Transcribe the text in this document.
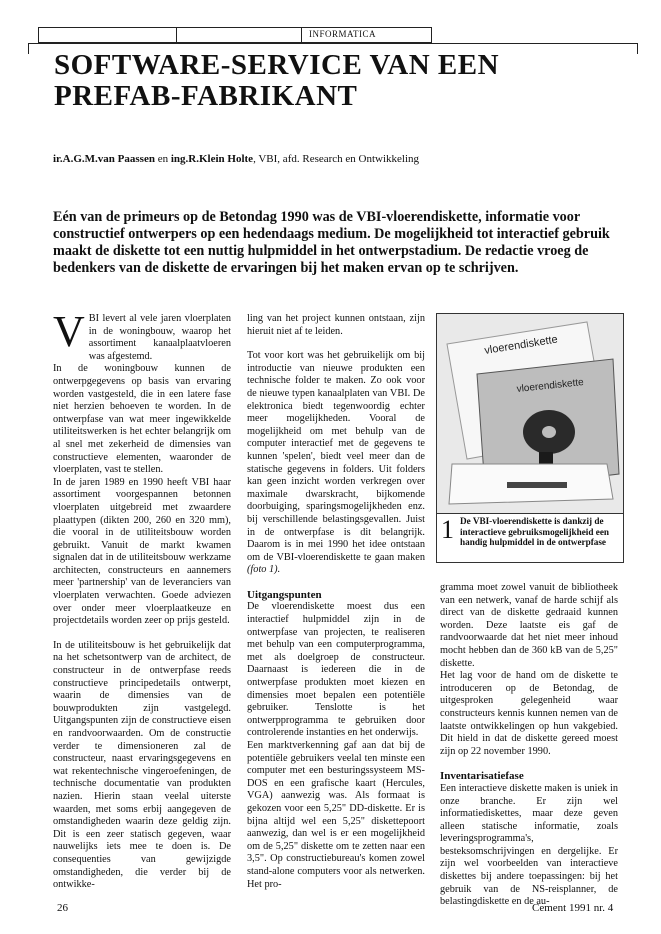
INFORMATICA
SOFTWARE-SERVICE VAN EEN PREFAB-FABRIKANT
ir.A.G.M.van Paassen en ing.R.Klein Holte, VBI, afd. Research en Ontwikkeling

Eén van de primeurs op de Betondag 1990 was de VBI-vloerendiskette, informatie voor constructief ontwerpers op een hedendaags medium. De mogelijkheid tot interactief gebruik maakt de diskette tot een nuttig hulpmiddel in het ontwerpstadium. De redactie vroeg de bedenkers van de diskette de ervaringen bij het maken ervan op te schrijven.

VBI levert al vele jaren vloerplaten in de woningbouw, waarop het assortiment kanaalplaatvloeren was afgestemd.

In de woningbouw kunnen de ontwerpgegevens op basis van ervaring worden vastgesteld, die in een latere fase niet herzien behoeven te worden. In de ontwerpfase van wat meer ingewikkelde utiliteitswerken is het echter belangrijk om al snel met zekerheid de dimensies van constructieve elementen, waaronder de vloerplaten, vast te stellen.

In de jaren 1989 en 1990 heeft VBI haar assortiment voorgespannen betonnen vloerplaten uitgebreid met zwaardere plaattypen (dikten 200, 260 en 320 mm), die vooral in de utiliteitsbouw worden gebruikt. Vanuit de markt kwamen signalen dat in de utiliteitsbouw werkzame architecten, constructeurs en aannemers meer 'partnership' van de leveranciers van vloerplaten verwachten. Goede adviezen over onder meer vloerplaatkeuze en projectdetails worden zeer op prijs gesteld.

In de utiliteitsbouw is het gebruikelijk dat na het schetsontwerp van de architect, de constructeur in de ontwerpfase reeds constructieve principedetails ontwerpt, waarin de dimensies van de bouwprodukten zijn vastgelegd. Uitgangspunten zijn de constructieve eisen en randvoorwaarden. Om de constructie verder te dimensioneren zal de constructeur, naast ervaringsgegevens en wat rekentechnische vingeroefeningen, de technische documentatie van produkten nazien. Hierin staan veelal uiterste waarden, met soms erbij aangegeven de omstandigheden waarin deze geldig zijn. Dit is een zeer statisch gegeven, waar nauwelijks iets mee te doen is. De consequenties van gewijzigde omstandigheden, die verder bij de ontwikke-

ling van het project kunnen ontstaan, zijn hieruit niet af te leiden.

Tot voor kort was het gebruikelijk om bij introductie van nieuwe produkten een technische folder te maken. Zo ook voor de nieuwe typen kanaalplaten van VBI. De elektronica biedt tegenwoordig echter meer mogelijkheden. Vooral de mogelijkheid om met behulp van de computer interactief met de gegevens te kunnen 'spelen', biedt veel meer dan de statische gegevens in folders. Uit folders kan geen inzicht worden verkregen over maximale dwarskracht, bijkomende doorbuiging, sparingsmogelijkheden enz. bij verschillende belastingsgevallen. Juist in de ontwerpfase is dit belangrijk. Daarom is in mei 1990 het idee ontstaan om de VBI-vloerendiskette te gaan maken (foto 1).

Uitgangspunten

De vloerendiskette moest dus een interactief hulpmiddel zijn in de ontwerpfase van projecten, te realiseren met behulp van een computerprogramma, met als doelgroep de constructeur. Daarnaast is iedereen die in de ontwerpfase produkten moet kiezen en dimensies moet bepalen een potentiële gebruiker. Tenslotte is het ontwerpprogramma te gebruiken door controlerende instanties en het onderwijs.

Een marktverkenning gaf aan dat bij de potentiële gebruikers veelal ten minste een computer met een besturingssysteem MS-DOS en een grafische kaart (Hercules, VGA) aanwezig was. Als formaat is gekozen voor een 5,25" DD-diskette. Er is bijna altijd wel een 5,25" diskettepoort aanwezig, dan wel is er een mogelijkheid om de 5,25" diskette om te zetten naar een 3,5". Op constructiebureau's komen zowel stand-alone computers voor als netwerken. Het pro-

vloerendiskette
vloerendiskette
1 De VBI-vloerendiskette is dankzij de interactieve gebruiksmogelijkheid een handig hulpmiddel in de ontwerpfase

gramma moet zowel vanuit de bibliotheek van een netwerk, vanaf de harde schijf als direct van de diskette gedraaid kunnen worden. Deze laatste eis gaf de randvoorwaarde dat het niet meer inhoud mocht hebben dan de 360 kB van de 5,25" diskette.

Het lag voor de hand om de diskette te introduceren op de Betondag, de uitgesproken gelegenheid waar constructeurs kennis kunnen nemen van de laatste ontwikkelingen op hun vakgebied. Dit hield in dat de diskette gereed moest zijn op 22 november 1990.

Inventarisatiefase

Een interactieve diskette maken is uniek in onze branche. Er zijn wel informatiediskettes, maar deze geven alleen statische informatie, zoals leveringsprogramma's, besteksomschrijvingen en dergelijke. Er zijn wel voorbeelden van interactieve diskettes bij andere toepassingen: bij het gebruik van de NS-reisplanner, de belastingdiskette en de au-

26	Cement 1991 nr. 4
